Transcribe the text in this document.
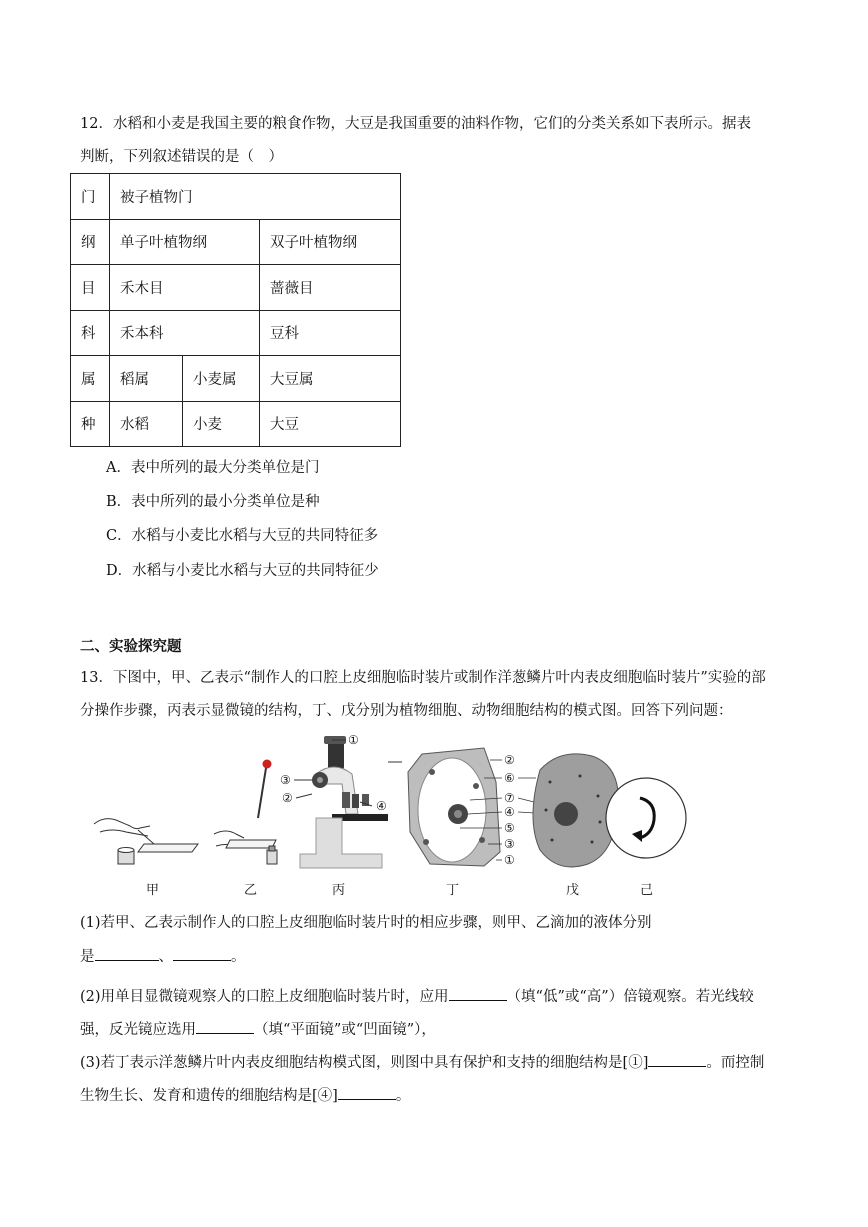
12．水稻和小麦是我国主要的粮食作物，大豆是我国重要的油料作物，它们的分类关系如下表所示。据表
判断，下列叙述错误的是（　）
门	被子植物门		
纲	单子叶植物纲		双子叶植物纲
目	禾木目		蔷薇目
科	禾本科		豆科
属	稻属	小麦属	大豆属
种	水稻	小麦	大豆
A．表中所列的最大分类单位是门
B．表中所列的最小分类单位是种
C．水稻与小麦比水稻与大豆的共同特征多
D．水稻与小麦比水稻与大豆的共同特征少
二、实验探究题
13．下图中，甲、乙表示“制作人的口腔上皮细胞临时装片或制作洋葱鳞片叶内表皮细胞临时装片”实验的部
分操作步骤，丙表示显微镜的结构，丁、戊分别为植物细胞、动物细胞结构的模式图。回答下列问题：
①
③
②
④
②
⑥
⑦
④
⑤
③
①
甲	乙	丙	丁	戊	己
(1)若甲、乙表示制作人的口腔上皮细胞临时装片时的相应步骤，则甲、乙滴加的液体分别
是	、	。
(2)用单目显微镜观察人的口腔上皮细胞临时装片时，应用	（填“低”或“高”）倍镜观察。若光线较
强，反光镜应选用	（填“平面镜”或“凹面镜”），
(3)若丁表示洋葱鳞片叶内表皮细胞结构模式图，则图中具有保护和支持的细胞结构是[①]	。而控制
生物生长、发育和遗传的细胞结构是[④]	。
